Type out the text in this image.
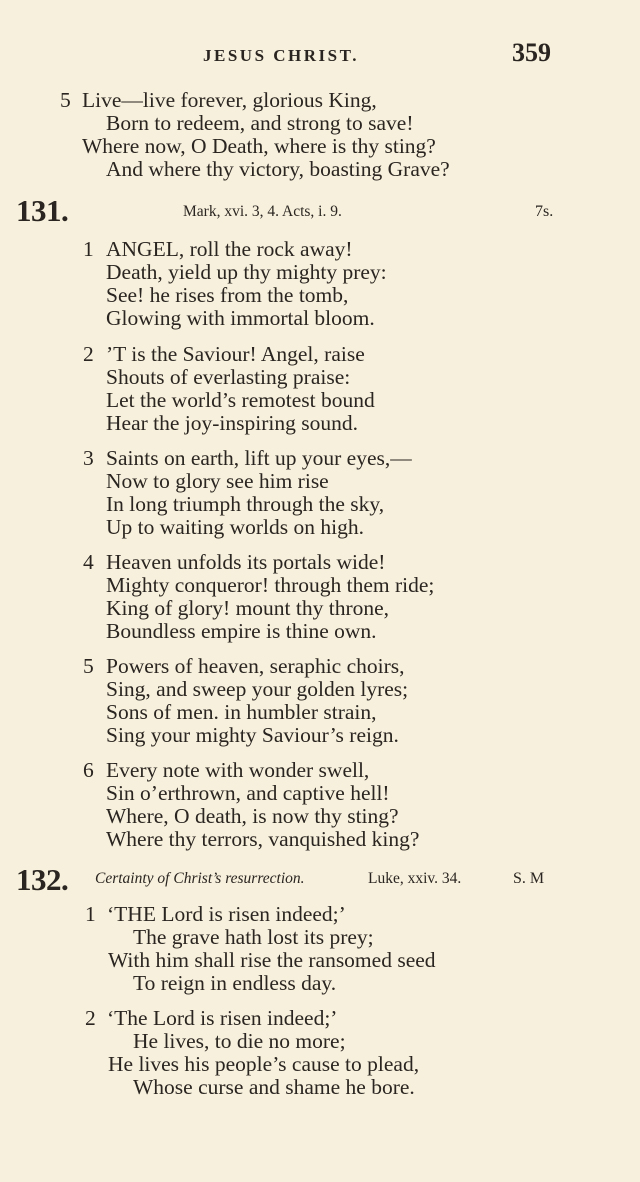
JESUS CHRIST.	359
5 Live—live forever, glorious King,
Born to redeem, and strong to save!
Where now, O Death, where is thy sting?
And where thy victory, boasting Grave?
131.	Mark, xvi. 3, 4. Acts, i. 9.	7s.
1 ANGEL, roll the rock away!
Death, yield up thy mighty prey:
See! he rises from the tomb,
Glowing with immortal bloom.
2 ’T is the Saviour! Angel, raise
Shouts of everlasting praise:
Let the world’s remotest bound
Hear the joy-inspiring sound.
3 Saints on earth, lift up your eyes,—
Now to glory see him rise
In long triumph through the sky,
Up to waiting worlds on high.
4 Heaven unfolds its portals wide!
Mighty conqueror! through them ride;
King of glory! mount thy throne,
Boundless empire is thine own.
5 Powers of heaven, seraphic choirs,
Sing, and sweep your golden lyres;
Sons of men. in humbler strain,
Sing your mighty Saviour’s reign.
6 Every note with wonder swell,
Sin o’erthrown, and captive hell!
Where, O death, is now thy sting?
Where thy terrors, vanquished king?
132. Certainty of Christ’s resurrection.	Luke, xxiv. 34.	S. M
1 ‘THE Lord is risen indeed;’
The grave hath lost its prey;
With him shall rise the ransomed seed
To reign in endless day.
2 ‘The Lord is risen indeed;’
He lives, to die no more;
He lives his people’s cause to plead,
Whose curse and shame he bore.
